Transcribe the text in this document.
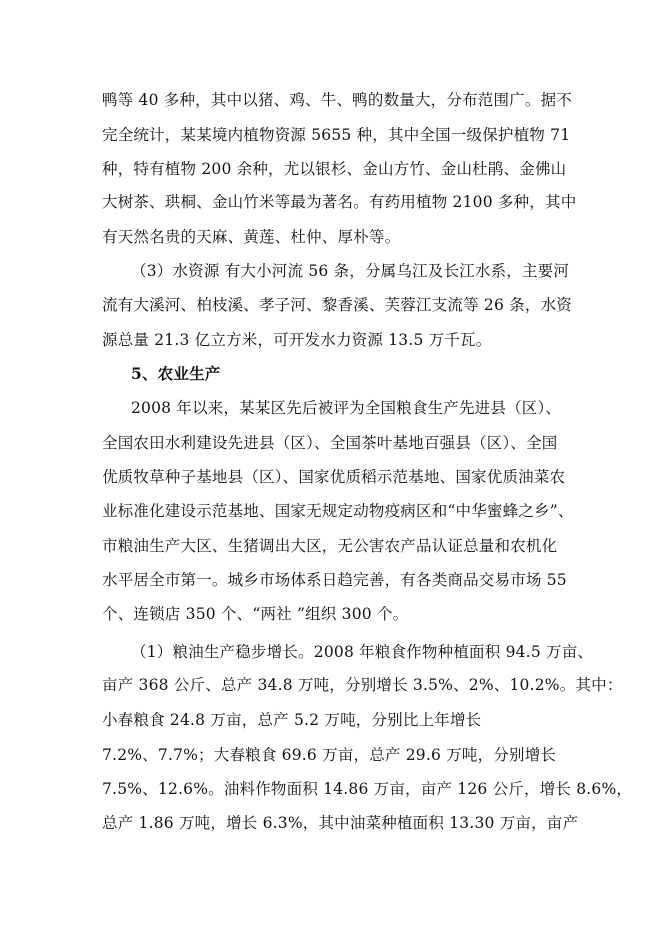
鸭等 40 多种，其中以猪、鸡、牛、鸭的数量大，分布范围广。据不
完全统计，某某境内植物资源 5655 种，其中全国一级保护植物 71
种，特有植物 200 余种，尤以银杉、金山方竹、金山杜鹃、金佛山
大树茶、珙桐、金山竹米等最为著名。有药用植物 2100 多种，其中
有天然名贵的天麻、黄莲、杜仲、厚朴等。
（3）水资源 有大小河流 56 条，分属乌江及长江水系，主要河
流有大溪河、柏枝溪、孝子河、黎香溪、芙蓉江支流等 26 条，水资
源总量 21.3 亿立方米，可开发水力资源 13.5 万千瓦。
5、农业生产
2008 年以来，某某区先后被评为全国粮食生产先进县（区）、
全国农田水利建设先进县（区）、全国茶叶基地百强县（区）、全国
优质牧草种子基地县（区）、国家优质稻示范基地、国家优质油菜农
业标准化建设示范基地、国家无规定动物疫病区和“中华蜜蜂之乡”、
市粮油生产大区、生猪调出大区，无公害农产品认证总量和农机化
水平居全市第一。城乡市场体系日趋完善，有各类商品交易市场 55
个、连锁店 350 个、“两社 ”组织 300 个。
（1）粮油生产稳步增长。2008 年粮食作物种植面积 94.5 万亩、
亩产 368 公斤、总产 34.8 万吨，分别增长 3.5%、2%、10.2%。其中：
小春粮食 24.8 万亩，总产 5.2 万吨，分别比上年增长
7.2%、7.7%；大春粮食 69.6 万亩，总产 29.6 万吨，分别增长
7.5%、12.6%。油料作物面积 14.86 万亩，亩产 126 公斤，增长 8.6%，
总产 1.86 万吨，增长 6.3%，其中油菜种植面积 13.30 万亩，亩产
